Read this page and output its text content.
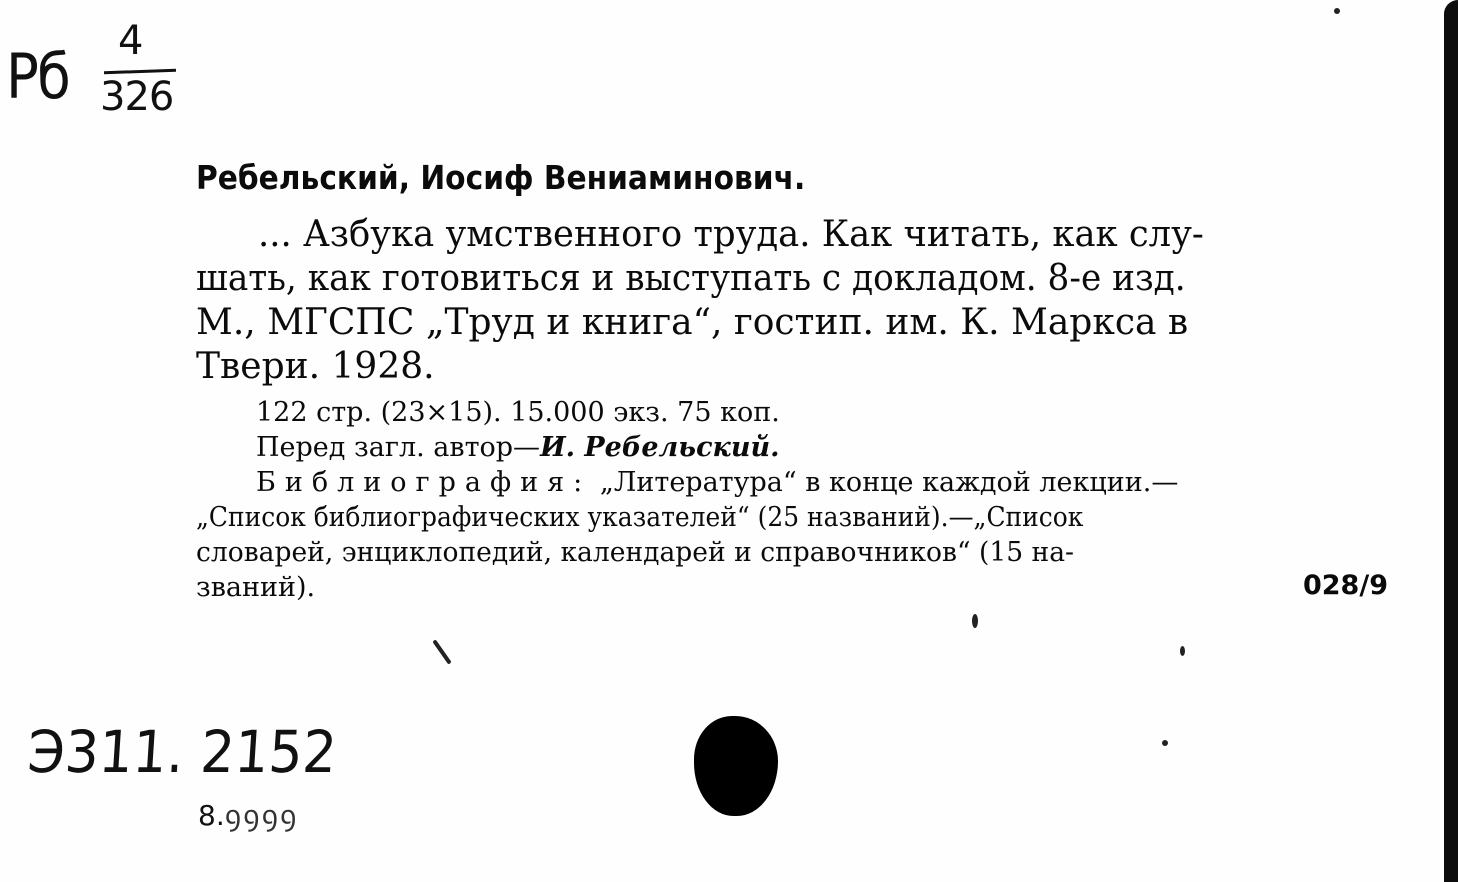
Рб 4
326
Ребельский, Иосиф Вениаминович.
... Азбука умственного труда. Как читать, как слу-
шать, как готовиться и выступать с докладом. 8-е изд.
М., МГСПС „Труд и книга“, гостип. им. К. Маркса в
Твери. 1928.
122 стр. (23×15). 15.000 экз. 75 коп.
Перед загл. автор—И. Ребельский.
Библиография: „Литература“ в конце каждой лекции.—
„Список библиографических указателей“ (25 названий).—„Список
словарей, энциклопедий, календарей и справочников“ (15 на-
званий).	028/9
Э311. 2152
8.ꝯꝯꝯꝯ
